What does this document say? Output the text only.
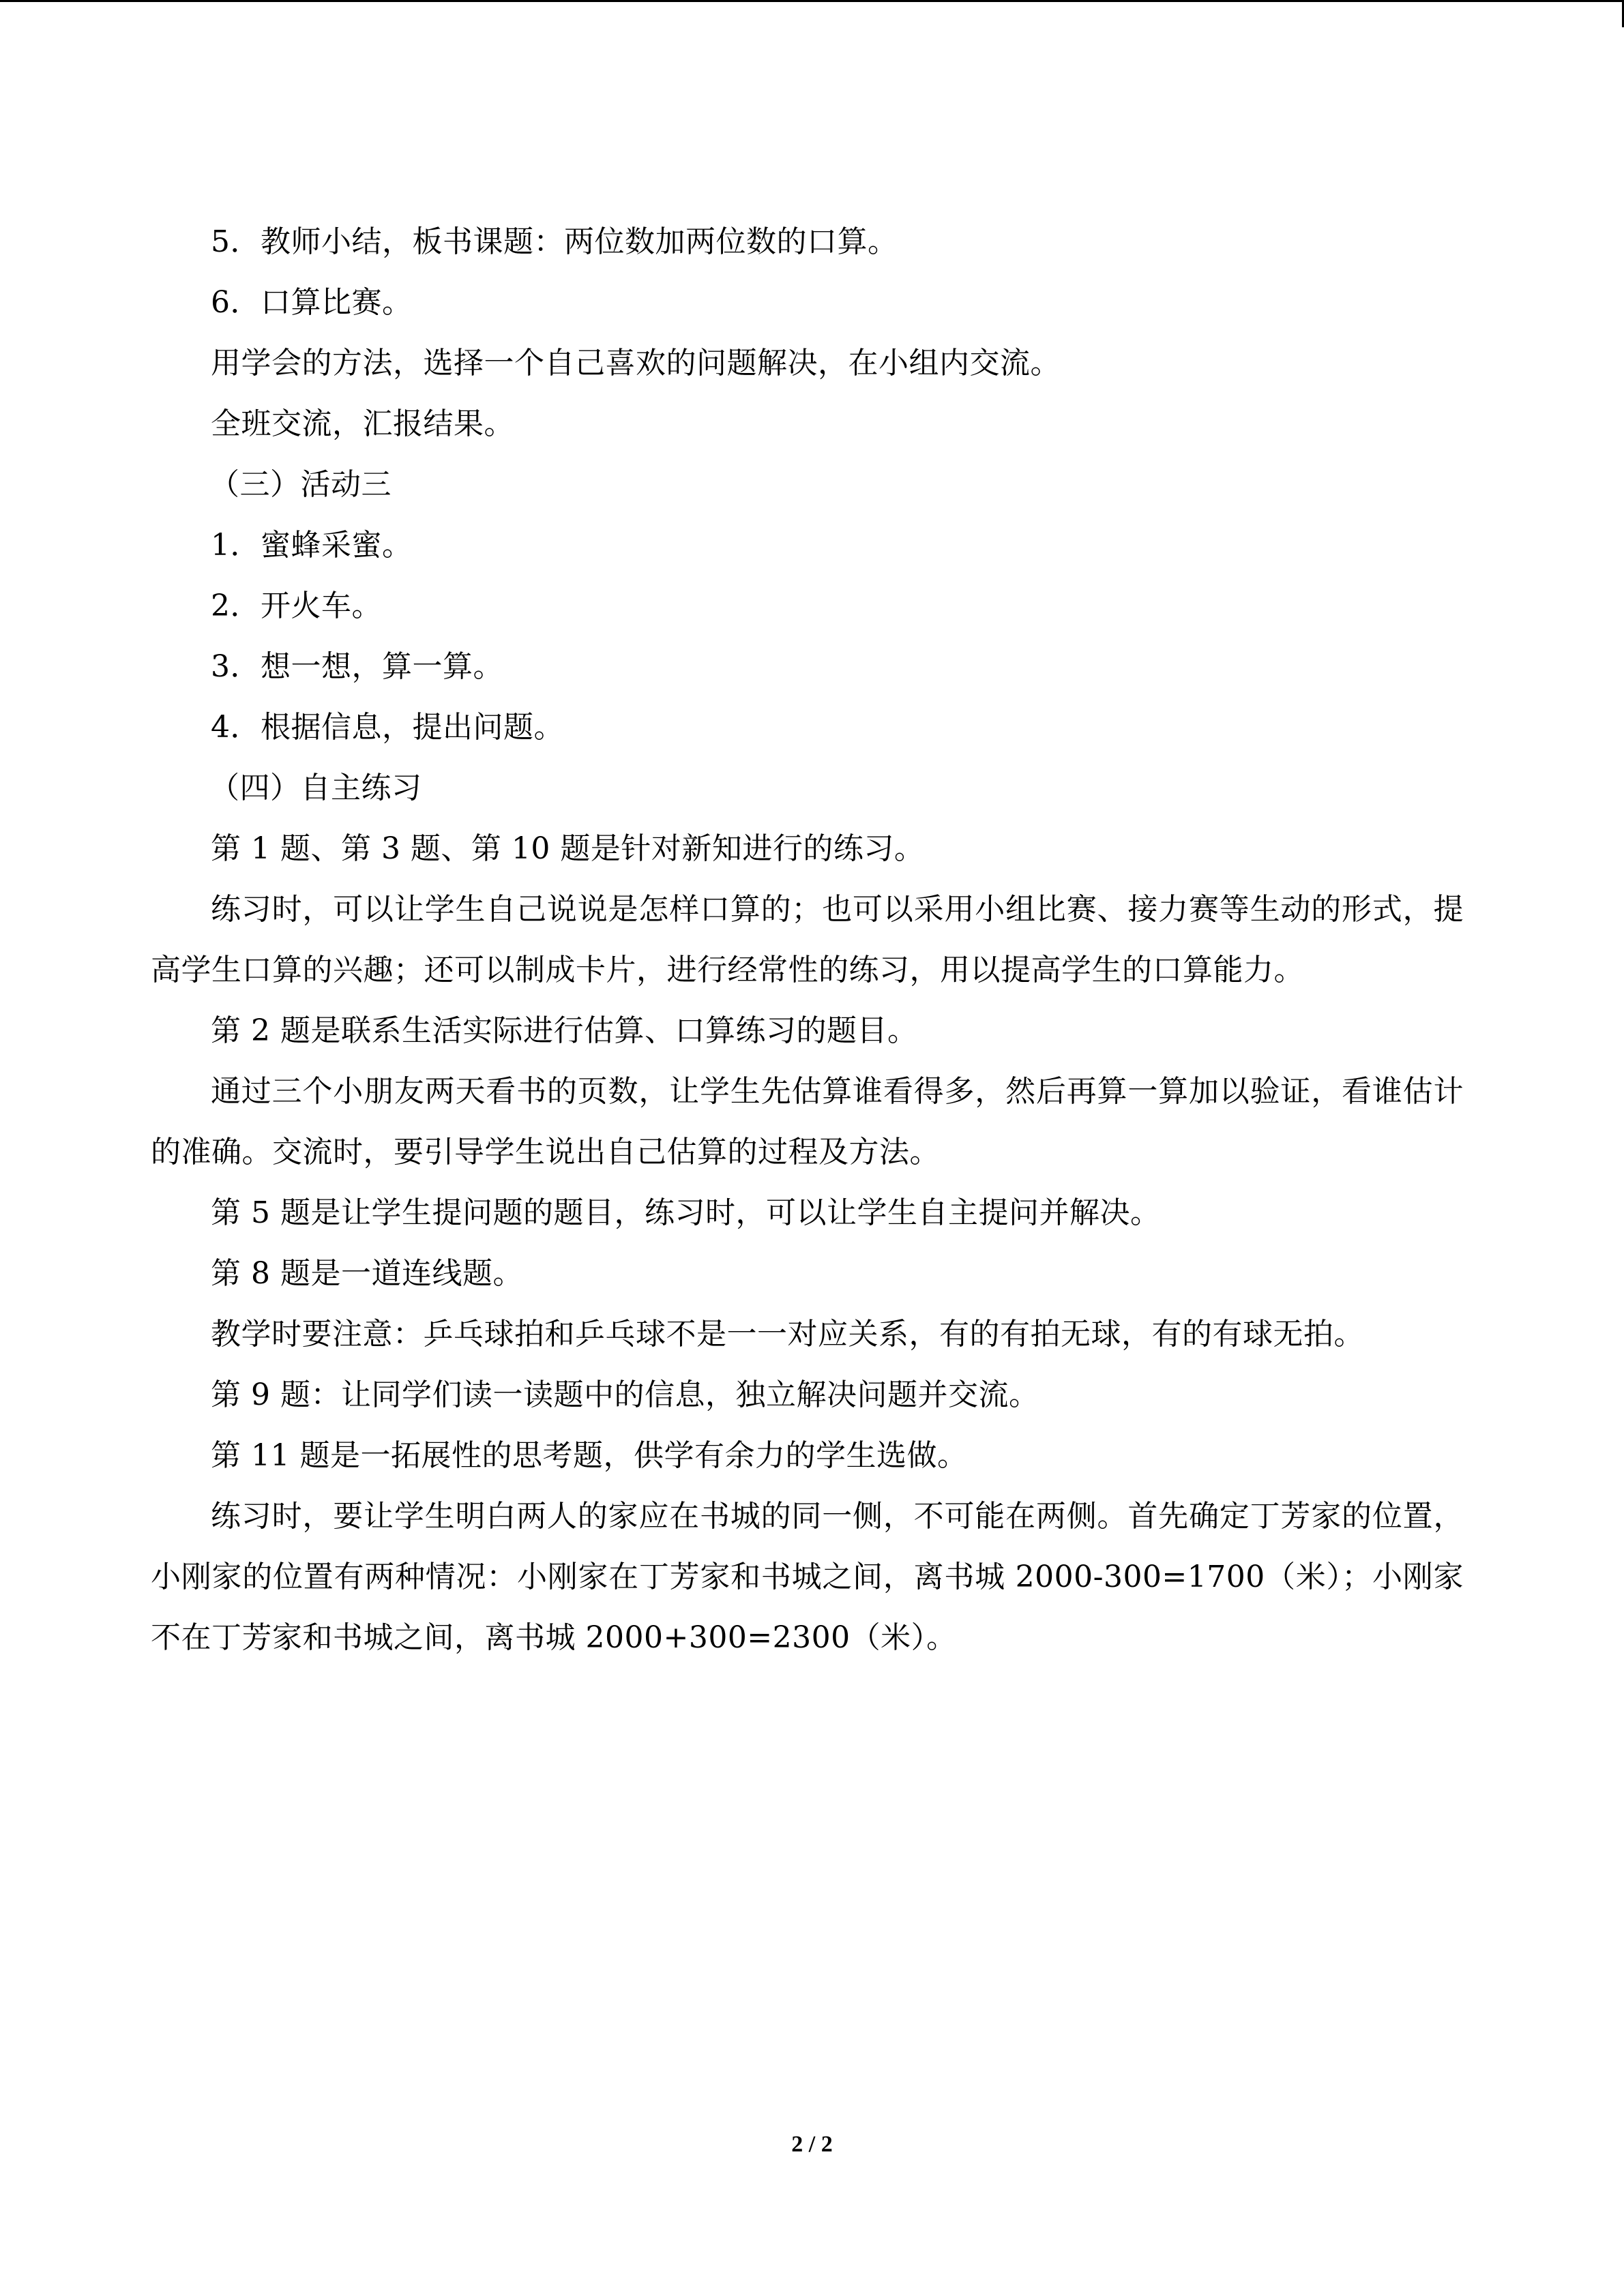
5．教师小结，板书课题：两位数加两位数的口算。

6．口算比赛。

用学会的方法，选择一个自己喜欢的问题解决，在小组内交流。

全班交流，汇报结果。

（三）活动三

1．蜜蜂采蜜。

2．开火车。

3．想一想，算一算。

4．根据信息，提出问题。

（四）自主练习

第 1 题、第 3 题、第 10 题是针对新知进行的练习。

练习时，可以让学生自己说说是怎样口算的；也可以采用小组比赛、接力赛等生动的形式，提高学生口算的兴趣；还可以制成卡片，进行经常性的练习，用以提高学生的口算能力。

第 2 题是联系生活实际进行估算、口算练习的题目。

通过三个小朋友两天看书的页数，让学生先估算谁看得多，然后再算一算加以验证，看谁估计的准确。交流时，要引导学生说出自己估算的过程及方法。

第 5 题是让学生提问题的题目，练习时，可以让学生自主提问并解决。

第 8 题是一道连线题。

教学时要注意：乒乓球拍和乒乓球不是一一对应关系，有的有拍无球，有的有球无拍。

第 9 题：让同学们读一读题中的信息，独立解决问题并交流。

第 11 题是一拓展性的思考题，供学有余力的学生选做。

练习时，要让学生明白两人的家应在书城的同一侧，不可能在两侧。首先确定丁芳家的位置，小刚家的位置有两种情况：小刚家在丁芳家和书城之间，离书城 2000-300=1700（米）；小刚家不在丁芳家和书城之间，离书城 2000+300=2300（米）。

2 / 2
